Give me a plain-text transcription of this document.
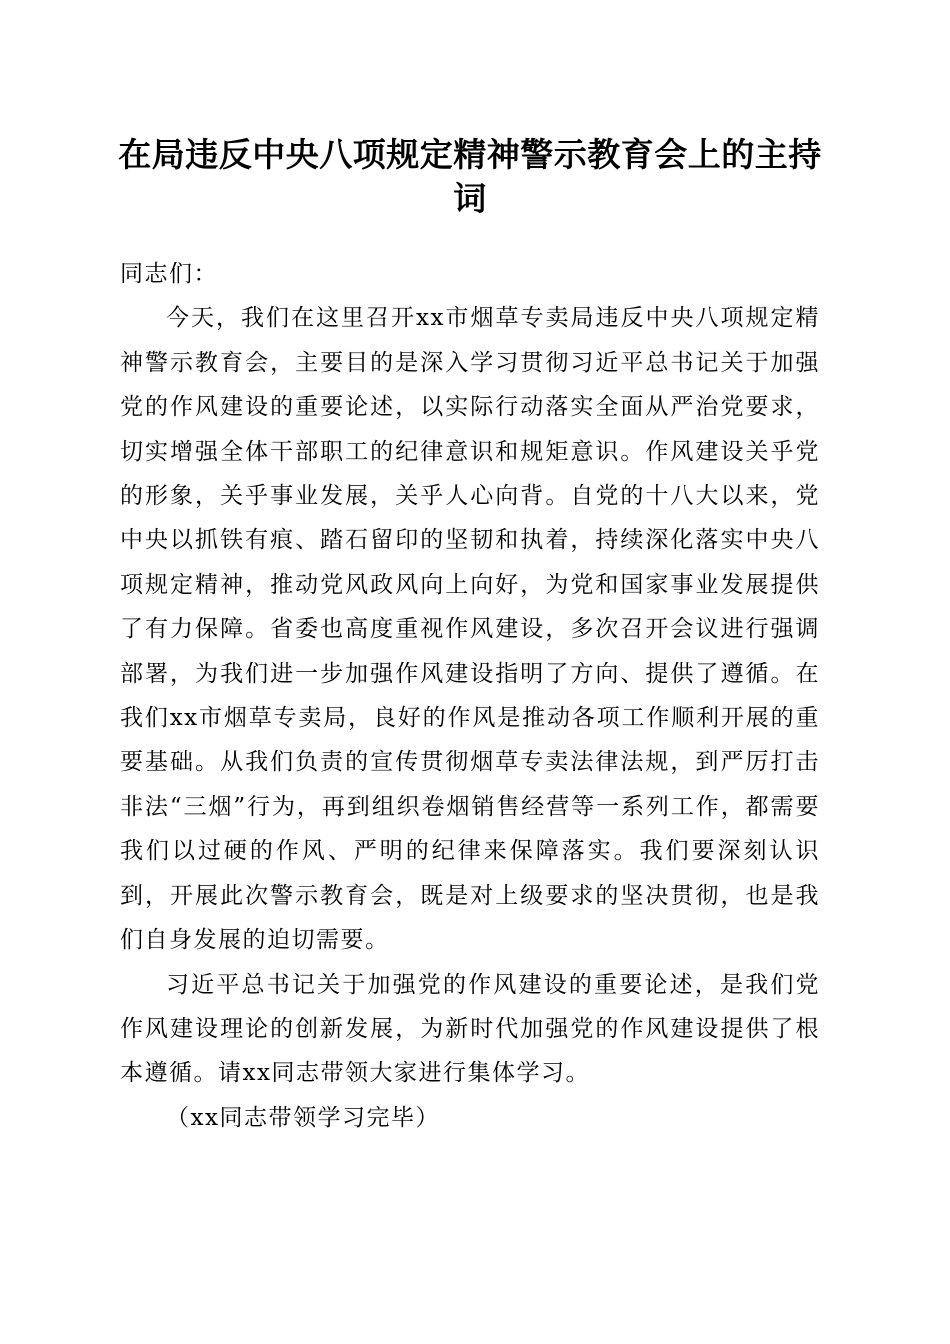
在局违反中央八项规定精神警示教育会上的主持词

同志们：

今天，我们在这里召开xx市烟草专卖局违反中央八项规定精神警示教育会，主要目的是深入学习贯彻习近平总书记关于加强党的作风建设的重要论述，以实际行动落实全面从严治党要求，切实增强全体干部职工的纪律意识和规矩意识。作风建设关乎党的形象，关乎事业发展，关乎人心向背。自党的十八大以来，党中央以抓铁有痕、踏石留印的坚韧和执着，持续深化落实中央八项规定精神，推动党风政风向上向好，为党和国家事业发展提供了有力保障。省委也高度重视作风建设，多次召开会议进行强调部署，为我们进一步加强作风建设指明了方向、提供了遵循。在我们xx市烟草专卖局，良好的作风是推动各项工作顺利开展的重要基础。从我们负责的宣传贯彻烟草专卖法律法规，到严厉打击非法“三烟”行为，再到组织卷烟销售经营等一系列工作，都需要我们以过硬的作风、严明的纪律来保障落实。我们要深刻认识到，开展此次警示教育会，既是对上级要求的坚决贯彻，也是我们自身发展的迫切需要。

习近平总书记关于加强党的作风建设的重要论述，是我们党作风建设理论的创新发展，为新时代加强党的作风建设提供了根本遵循。请xx同志带领大家进行集体学习。

（xx同志带领学习完毕）
